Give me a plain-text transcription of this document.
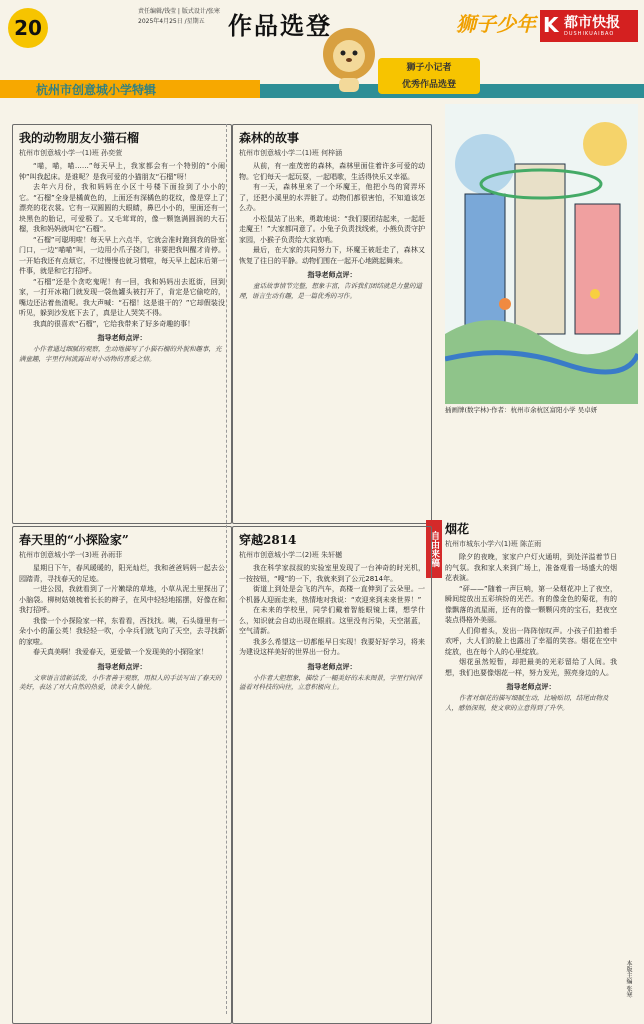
20
责任编辑/钱莹 | 版式设计/张寒
2025年4月25日 /星期五 作品选登	狮子少年 K 都市快报
DUSHIKUAIBAO
杭州市创意城小学特辑
狮子小记者
优秀作品选登
我的动物朋友小猫石榴
杭州市创意城小学一(1)班 孙奕萱

“喵，喵，喵……”每天早上，我家都会有一个特别的“小闹钟”叫我起床。是谁呢？是我可爱的小猫朋友“石榴”呀！

去年六月份，我和妈妈在小区十号楼下面捡到了小小的它。“石榴”全身是橘黄色的，上面还有深橘色的花纹，像是穿上了漂亮的花衣裳。它有一双圆圆的大眼睛，鼻巴小小的，里面还有一块黑色的胎记，可爱极了。又毛茸茸的，像一颗饱满圆润的大石榴，我和妈妈就叫它“石榴”。

“石榴”可聪明啦！每天早上六点半，它就会准时跑到我的卧室门口，一边“喵喵”叫，一边用小爪子挠门，非要把我叫醒才肯停。一开始我还有点烦它，不过慢慢也就习惯啦，每天早上起床后第一件事，就是和它打招呼。

“石榴”还是个贪吃鬼呢！有一回，我和妈妈出去逛街，回到家，一打开冰箱门就发现一袋鱼罐头被打开了，肯定是它偷吃的，嘴边还沾着鱼渣呢。我大声喊：“石榴！这是谁干的？”它却假装没听见，躲到沙发底下去了，真是让人哭笑不得。

我真的很喜欢“石榴”，它给我带来了好多奇趣的事！

指导老师点评：

小作者通过细腻的观察，生动地描写了小猫石榴的外貌和趣事，充满童趣，字里行间流露出对小动物的喜爱之情。

春天里的“小探险家”
杭州市创意城小学一(3)班 孙雨菲

星期日下午，春风暖暖的，阳光灿烂，我和爸爸妈妈一起去公园踏青，寻找春天的足迹。

一进公园，我就看到了一片嫩绿的草地，小草从泥土里探出了小脑袋。柳树姑娘梳着长长的辫子，在风中轻轻地摇摆，好像在和我打招呼。

我像一个小探险家一样，东看看，西找找。咦，石头缝里有一朵小小的蒲公英！我轻轻一吹，小伞兵们就飞向了天空，去寻找新的家啦。

春天真美啊！我爱春天，更爱做一个发现美的小探险家！

指导老师点评：

文章语言清新活泼，小作者善于观察，用拟人的手法写出了春天的美好，表达了对大自然的热爱，读来令人愉悦。

森林的故事
杭州市创意城小学二(1)班 何梓涵

从前，有一座茂密的森林，森林里面住着许多可爱的动物。它们每天一起玩耍，一起唱歌，生活得快乐又幸福。

有一天，森林里来了一个坏魔王，他把小鸟的窝弄坏了，还把小溪里的水弄脏了。动物们都很害怕，不知道该怎么办。

小松鼠站了出来，勇敢地说：“我们要团结起来，一起赶走魔王！”大家都同意了。小兔子负责找线索，小熊负责守护家园，小猴子负责给大家放哨。

最后，在大家的共同努力下，坏魔王被赶走了，森林又恢复了往日的平静。动物们围在一起开心地跳起舞来。

指导老师点评：

童话故事情节完整，想象丰富，告诉我们团结就是力量的道理，语言生动有趣，是一篇优秀的习作。

自由来稿
穿越2814
杭州市创意城小学二(2)班 朱轩樾

我在科学家叔叔的实验室里发现了一台神奇的时光机，一按按钮，“嗖”的一下，我就来到了公元2814年。

街道上到处是会飞的汽车，高楼一直伸到了云朵里。一个机器人迎面走来，热情地对我说：“欢迎来到未来世界！”

在未来的学校里，同学们戴着智能眼镜上课，想学什么，知识就会自动出现在眼前。这里没有污染，天空湛蓝，空气清新。

我多么希望这一切都能早日实现！我要好好学习，将来为建设这样美好的世界出一份力。

指导老师点评：

小作者大胆想象，描绘了一幅美好的未来图景，字里行间洋溢着对科技的向往，立意积极向上。

插画牌(数字林)·作者：杭州市余杭区富阳小学 吴卓妍
烟花
杭州市城东小学六(1)班 陈芷雨

除夕的夜晚，家家户户灯火通明，到处洋溢着节日的气氛。我和家人来到广场上，准备观看一场盛大的烟花表演。

“砰——”随着一声巨响，第一朵烟花冲上了夜空，瞬间绽放出五彩缤纷的光芒。有的像金色的菊花，有的像飘落的流星雨，还有的像一颗颗闪亮的宝石，把夜空装点得格外美丽。

人们仰着头，发出一阵阵惊叹声。小孩子们拍着手欢呼，大人们的脸上也露出了幸福的笑容。烟花在空中绽放，也在每个人的心里绽放。

烟花虽然短暂，却把最美的光彩留给了人间。我想，我们也要像烟花一样，努力发光，照亮身边的人。

指导老师点评：

作者对烟花的描写细腻生动，比喻贴切，结尾由物及人，感悟深刻，使文章的立意得到了升华。

本版主编 张寒
